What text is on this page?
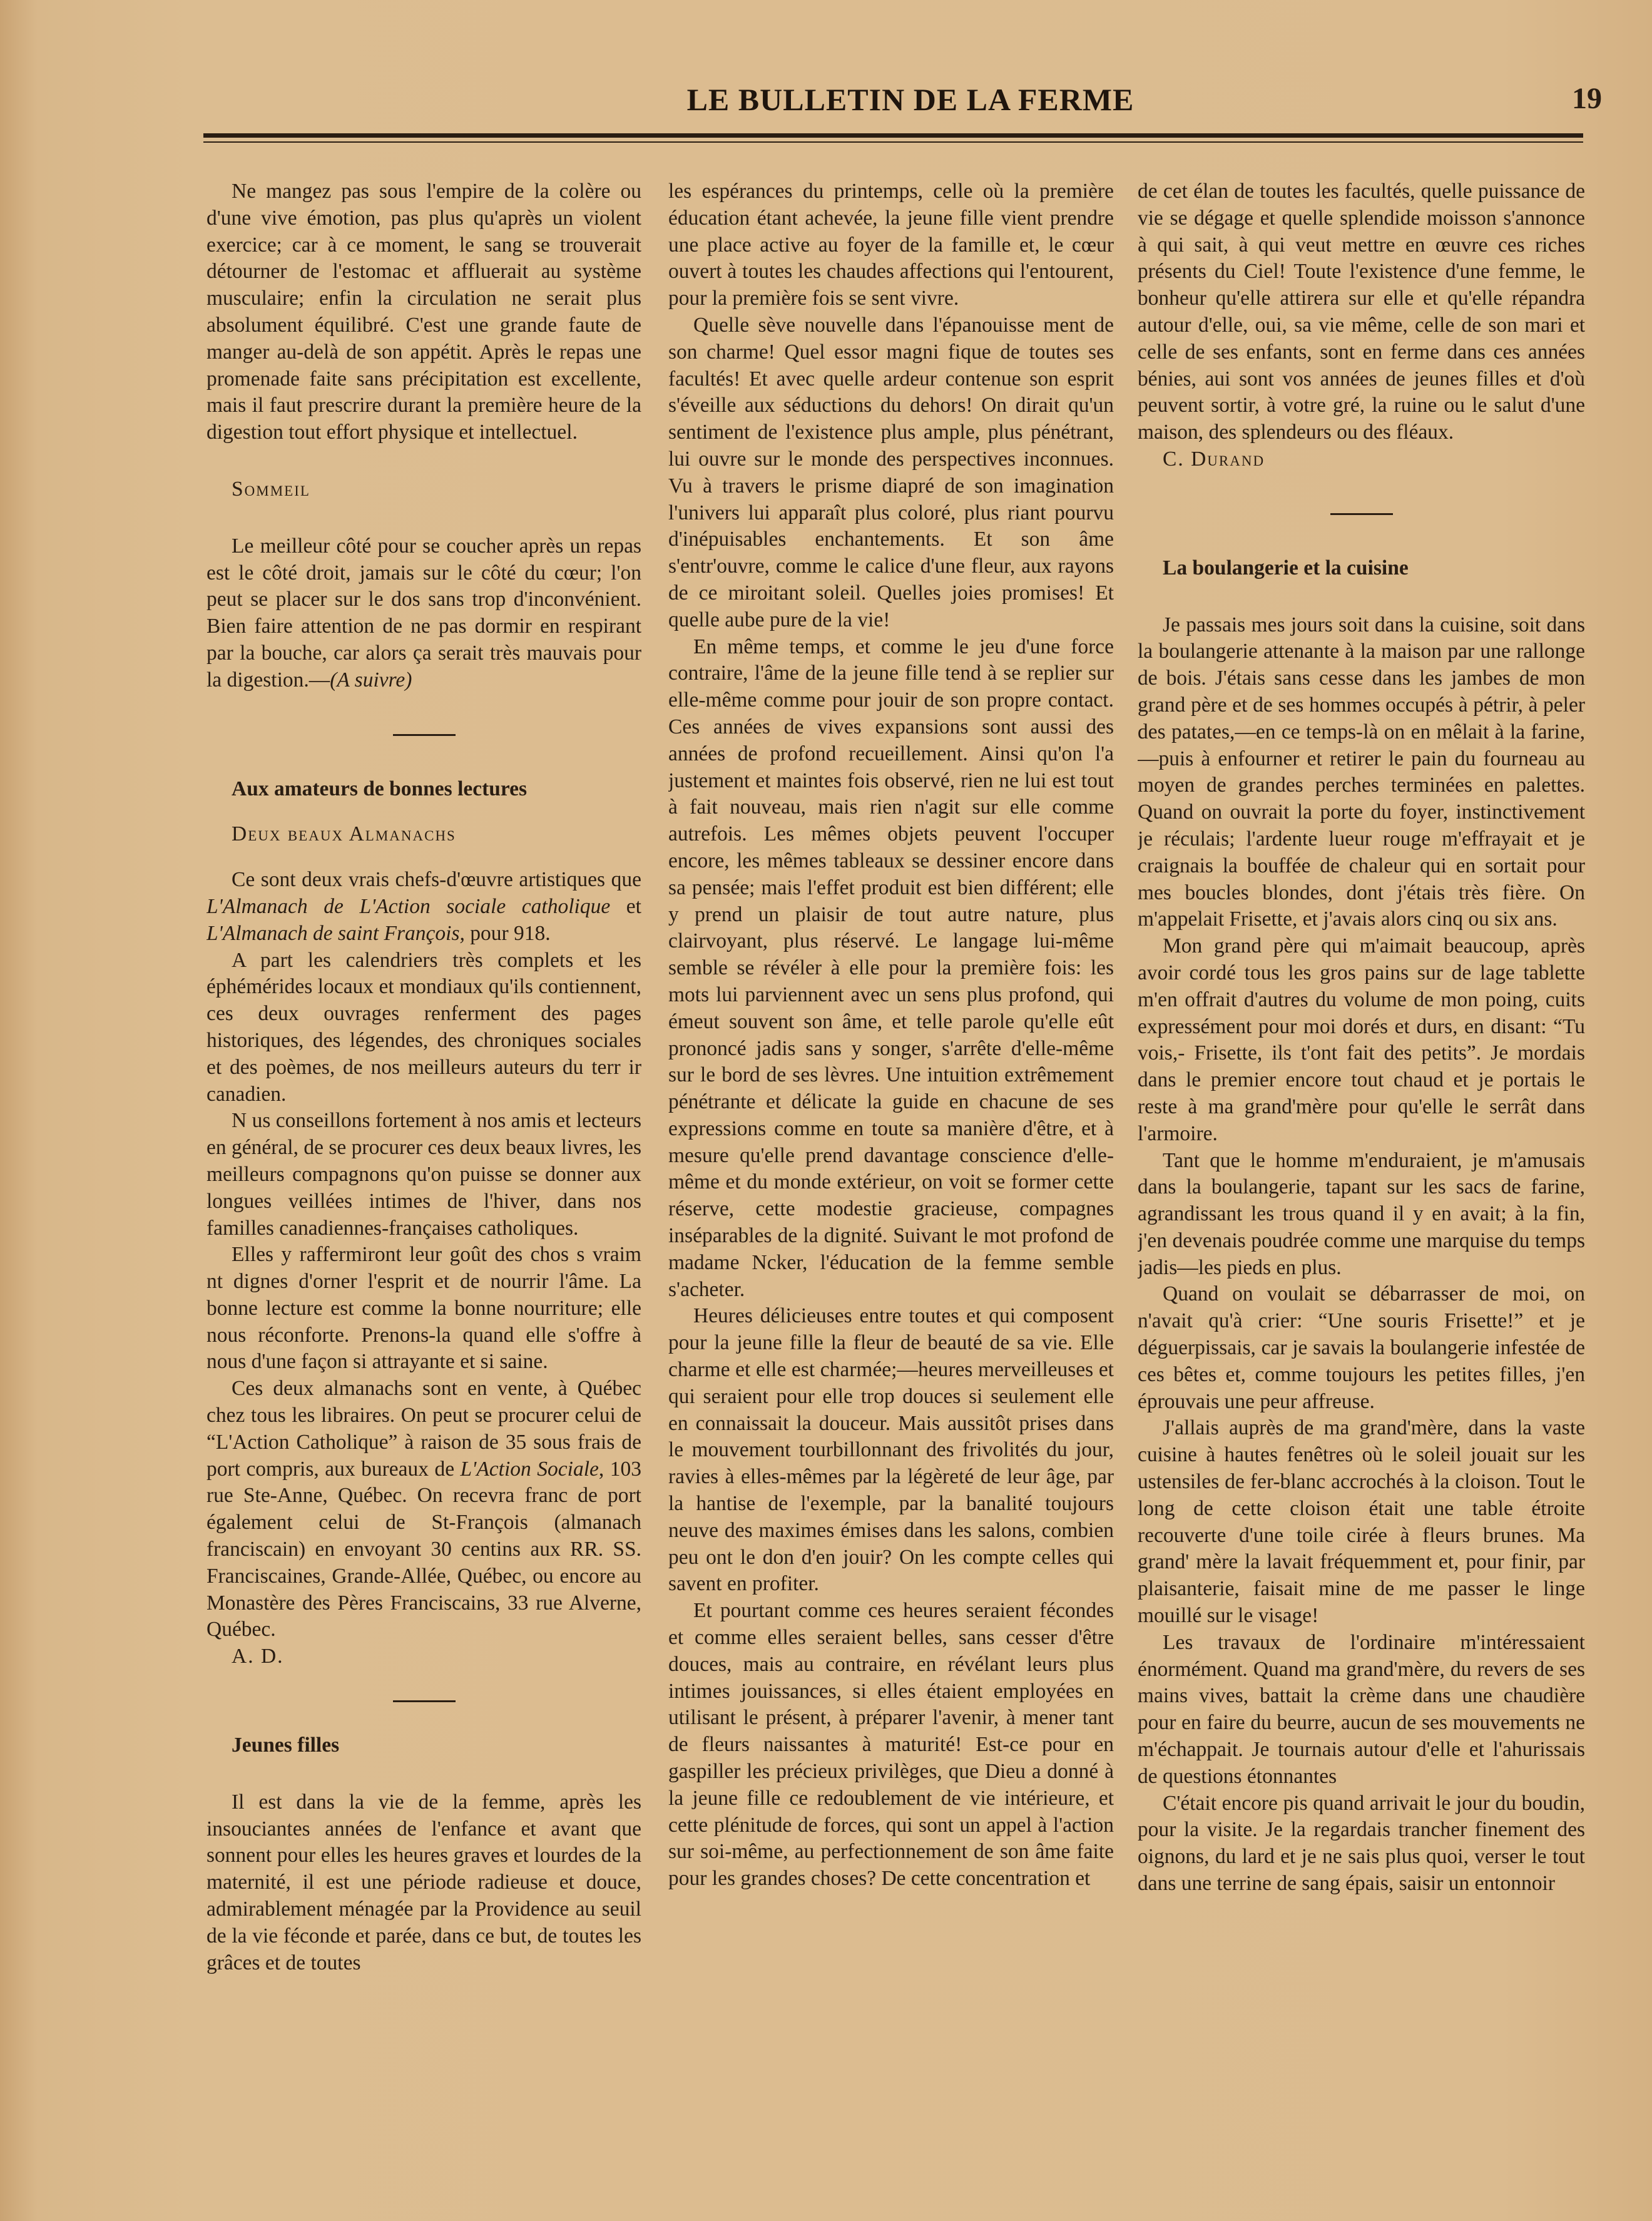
LE BULLETIN DE LA FERME	19

Ne mangez pas sous l'empire de la colère ou d'une vive émotion, pas plus qu'après un violent exercice; car à ce moment, le sang se trouverait détourner de l'estomac et affluerait au système musculaire; enfin la circulation ne serait plus absolument équilibré. C'est une grande faute de manger au-delà de son appétit. Après le repas une promenade faite sans précipitation est excellente, mais il faut prescrire durant la première heure de la digestion tout effort physique et intellectuel.

Sommeil

Le meilleur côté pour se coucher après un repas est le côté droit, jamais sur le côté du cœur; l'on peut se placer sur le dos sans trop d'inconvénient. Bien faire attention de ne pas dormir en respirant par la bouche, car alors ça serait très mauvais pour la digestion.—(A suivre)

Aux amateurs de bonnes lectures

Deux beaux Almanachs

Ce sont deux vrais chefs-d'œuvre artistiques que L'Almanach de L'Action sociale catholique et L'Almanach de saint François, pour 918.

A part les calendriers très complets et les éphémérides locaux et mondiaux qu'ils contiennent, ces deux ouvrages renferment des pages historiques, des légendes, des chroniques sociales et des poèmes, de nos meilleurs auteurs du terr ir canadien.

N us conseillons fortement à nos amis et lecteurs en général, de se procurer ces deux beaux livres, les meilleurs compagnons qu'on puisse se donner aux longues veillées intimes de l'hiver, dans nos familles canadiennes-françaises catholiques.

Elles y raffermiront leur goût des chos s vraim nt dignes d'orner l'esprit et de nourrir l'âme. La bonne lecture est comme la bonne nourriture; elle nous réconforte. Prenons-la quand elle s'offre à nous d'une façon si attrayante et si saine.

Ces deux almanachs sont en vente, à Québec chez tous les libraires. On peut se procurer celui de “L'Action Catholique” à raison de 35 sous frais de port compris, aux bureaux de L'Action Sociale, 103 rue Ste-Anne, Québec. On recevra franc de port également celui de St-François (almanach franciscain) en envoyant 30 centins aux RR. SS. Franciscaines, Grande-Allée, Québec, ou encore au Monastère des Pères Franciscains, 33 rue Alverne, Québec.

A. D.

Jeunes filles

Il est dans la vie de la femme, après les insouciantes années de l'enfance et avant que sonnent pour elles les heures graves et lourdes de la maternité, il est une période radieuse et douce, admirablement ménagée par la Providence au seuil de la vie féconde et parée, dans ce but, de toutes les grâces et de toutes

les espérances du printemps, celle où la première éducation étant achevée, la jeune fille vient prendre une place active au foyer de la famille et, le cœur ouvert à toutes les chaudes affections qui l'entourent, pour la première fois se sent vivre.

Quelle sève nouvelle dans l'épanouisse ment de son charme! Quel essor magni fique de toutes ses facultés! Et avec quelle ardeur contenue son esprit s'éveille aux séductions du dehors! On dirait qu'un sentiment de l'existence plus ample, plus pénétrant, lui ouvre sur le monde des perspectives inconnues. Vu à travers le prisme diapré de son imagination l'univers lui apparaît plus coloré, plus riant pourvu d'inépuisables enchantements. Et son âme s'entr'ouvre, comme le calice d'une fleur, aux rayons de ce miroitant soleil. Quelles joies promises! Et quelle aube pure de la vie!

En même temps, et comme le jeu d'une force contraire, l'âme de la jeune fille tend à se replier sur elle-même comme pour jouir de son propre contact. Ces années de vives expansions sont aussi des années de profond recueillement. Ainsi qu'on l'a justement et maintes fois observé, rien ne lui est tout à fait nouveau, mais rien n'agit sur elle comme autrefois. Les mêmes objets peuvent l'occuper encore, les mêmes tableaux se dessiner encore dans sa pensée; mais l'effet produit est bien différent; elle y prend un plaisir de tout autre nature, plus clairvoyant, plus réservé. Le langage lui-même semble se révéler à elle pour la première fois: les mots lui parviennent avec un sens plus profond, qui émeut souvent son âme, et telle parole qu'elle eût prononcé jadis sans y songer, s'arrête d'elle-même sur le bord de ses lèvres. Une intuition extrêmement pénétrante et délicate la guide en chacune de ses expressions comme en toute sa manière d'être, et à mesure qu'elle prend davantage conscience d'elle-même et du monde extérieur, on voit se former cette réserve, cette modestie gracieuse, compagnes inséparables de la dignité. Suivant le mot profond de madame Ncker, l'éducation de la femme semble s'acheter.

Heures délicieuses entre toutes et qui composent pour la jeune fille la fleur de beauté de sa vie. Elle charme et elle est charmée;—heures merveilleuses et qui seraient pour elle trop douces si seulement elle en connaissait la douceur. Mais aussitôt prises dans le mouvement tourbillonnant des frivolités du jour, ravies à elles-mêmes par la légèreté de leur âge, par la hantise de l'exemple, par la banalité toujours neuve des maximes émises dans les salons, combien peu ont le don d'en jouir? On les compte celles qui savent en profiter.

Et pourtant comme ces heures seraient fécondes et comme elles seraient belles, sans cesser d'être douces, mais au contraire, en révélant leurs plus intimes jouissances, si elles étaient employées en utilisant le présent, à préparer l'avenir, à mener tant de fleurs naissantes à maturité! Est-ce pour en gaspiller les précieux privilèges, que Dieu a donné à la jeune fille ce redoublement de vie intérieure, et cette plénitude de forces, qui sont un appel à l'action sur soi-même, au perfectionnement de son âme faite pour les grandes choses? De cette concentration et

de cet élan de toutes les facultés, quelle puissance de vie se dégage et quelle splendide moisson s'annonce à qui sait, à qui veut mettre en œuvre ces riches présents du Ciel! Toute l'existence d'une femme, le bonheur qu'elle attirera sur elle et qu'elle répandra autour d'elle, oui, sa vie même, celle de son mari et celle de ses enfants, sont en ferme dans ces années bénies, aui sont vos années de jeunes filles et d'où peuvent sortir, à votre gré, la ruine ou le salut d'une maison, des splendeurs ou des fléaux.

C. Durand

La boulangerie et la cuisine

Je passais mes jours soit dans la cuisine, soit dans la boulangerie attenante à la maison par une rallonge de bois. J'étais sans cesse dans les jambes de mon grand père et de ses hommes occupés à pétrir, à peler des patates,—en ce temps-là on en mêlait à la farine,—puis à enfourner et retirer le pain du fourneau au moyen de grandes perches terminées en palettes. Quand on ouvrait la porte du foyer, instinctivement je réculais; l'ardente lueur rouge m'effrayait et je craignais la bouffée de chaleur qui en sortait pour mes boucles blondes, dont j'étais très fière. On m'appelait Frisette, et j'avais alors cinq ou six ans.

Mon grand père qui m'aimait beaucoup, après avoir cordé tous les gros pains sur de lage tablette m'en offrait d'autres du volume de mon poing, cuits expressément pour moi dorés et durs, en disant: “Tu vois,- Frisette, ils t'ont fait des petits”. Je mordais dans le premier encore tout chaud et je portais le reste à ma grand'mère pour qu'elle le serrât dans l'armoire.

Tant que le homme m'enduraient, je m'amusais dans la boulangerie, tapant sur les sacs de farine, agrandissant les trous quand il y en avait; à la fin, j'en devenais poudrée comme une marquise du temps jadis—les pieds en plus.

Quand on voulait se débarrasser de moi, on n'avait qu'à crier: “Une souris Frisette!” et je déguerpissais, car je savais la boulangerie infestée de ces bêtes et, comme toujours les petites filles, j'en éprouvais une peur affreuse.

J'allais auprès de ma grand'mère, dans la vaste cuisine à hautes fenêtres où le soleil jouait sur les ustensiles de fer-blanc accrochés à la cloison. Tout le long de cette cloison était une table étroite recouverte d'une toile cirée à fleurs brunes. Ma grand' mère la lavait fréquemment et, pour finir, par plaisanterie, faisait mine de me passer le linge mouillé sur le visage!

Les travaux de l'ordinaire m'intéressaient énormément. Quand ma grand'mère, du revers de ses mains vives, battait la crème dans une chaudière pour en faire du beurre, aucun de ses mouvements ne m'échappait. Je tournais autour d'elle et l'ahurissais de questions étonnantes

C'était encore pis quand arrivait le jour du boudin, pour la visite. Je la regardais trancher finement des oignons, du lard et je ne sais plus quoi, verser le tout dans une terrine de sang épais, saisir un entonnoir
